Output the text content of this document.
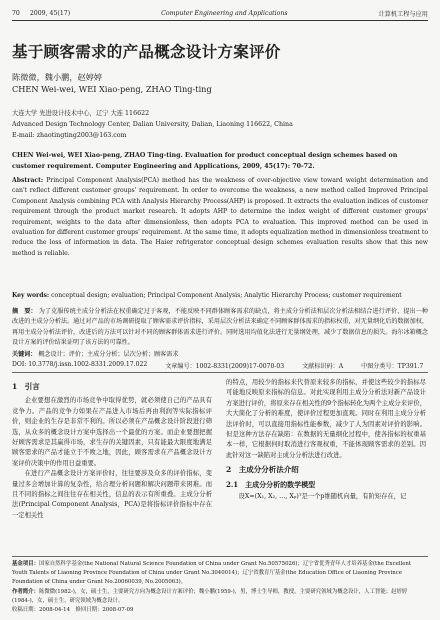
70 2009, 45(17)	Computer Engineering and Applications	计算机工程与应用
基于顾客需求的产品概念设计方案评价
陈微微，魏小鹏，赵婷婷
CHEN Wei-wei, WEI Xiao-peng, ZHAO Ting-ting
大连大学 先进设计技术中心，辽宁 大连 116622
Advanced Design Technology Center, Dalian University, Dalian, Liaoning 116622, China
E-mail: zhaotingting2003@163.com
CHEN Wei-wei, WEI Xiao-peng, ZHAO Ting-ting. Evaluation for product conceptual design schemes based on customer requirement. Computer Engineering and Applications, 2009, 45(17): 70-72.
Abstract: Principal Component Analysis(PCA) method has the weakness of over-objective view toward weight determination and can't reflect different customer groups' requirement. In order to overcome the weakness, a new method called Improved Principal Component Analysis combining PCA with Analysis Hierarchy Process(AHP) is proposed. It extracts the evaluation indices of customer requirement through the product market research. It adopts AHP to determine the index weight of different customer groups' requirement, weights to the data after dimensionless, then adopts PCA to evaluation. This improved method can be used in evaluation for different customer groups' requirement. At the same time, it adopts equalization method in dimensionless treatment to reduce the loss of information in data. The Haier refrigerator conceptual design schemes evaluation results show that this new method is reliable.
Key words: conceptual design; evaluation; Principal Component Analysis; Analytic Hierarchy Process; customer requirement
摘　要： 为了克服传统主成分分析法在权重确定过于客观，不能反映不同群体顾客需求的缺点，将主成分分析法和层次分析法相结合进行评价，提出一种改进的主成分分析法。通过对产品的市场调研提取了顾客需求评价指标，采用层次分析法来确定不同顾客群体需求的指标权重，对无量纲化后的数据加权，再用主成分分析法评价，改进后的方法可以针对不同的顾客群体需求进行评价。同时选用均值化法进行无量纲处理，减少了数据信息的损失。海尔冰箱概念设计方案的评价结果证明了该方法的可靠性。
关键词： 概念设计；评价；主成分分析；层次分析；顾客需求
DOI: 10.3778/j.issn.1002-8331.2009.17.022	文章编号：1002-8331(2009)17-0070-03	文献标识码：A	中图分类号：TP391.7
1　引言

企业要想在激烈的市场竞争中取得优势，就必须使自己的产品具有竞争力。产品的竞争力如果在产品进入市场后再由利润等实际指标评价，则企业的生存是非常不利的。所以必须在产品概念设计阶段进行筛选，从众多的概念设计方案中选择出一个最优的方案。而企业要想把握好顾客需求是其赢得市场，求生存的关键因素，只有能最大限度地满足顾客需求的产品才能立于不败之地，因此，顾客需求在产品概念设计方案评价决策中的作用日益重要。

在进行产品概念设计方案评价时，往往要涉及众多的评价指标，变量过多会增加计算的复杂性，给合理分析问题和解决问题带来困难。而且不同的指标之间往往存在相关性，信息的表示有所重叠。主成分分析法(Principal Component Analysis，PCA)是将指标评价指标中存在一定相关性

的特点，用较少的指标来代替原来较多的指标，并使这些较少的指标尽可能地反映原来指标的信息。对此实现利用主成分分析法对新产品设计方案进行评价，将原来存在相关性的9个指标转化为两个主成分来评价，大大简化了分析的难度，使评价过程更加直观。同时在利用主成分分析法评价时，可以直接用指标性能参数，减少了人为因素对评价的影响。但是这种方法存在缺陷：在数据的无量纲化过程中，使各指标的权重基本一样，它根据何时取消进行客观权重，不能体现顾客需求的差别。因此针对这一缺陷对主成分分析法进行改进。

2　主成分分析法介绍
2.1　主成分分析的数学模型

设X=(X₁, X₂, …, Xₚ)ᵀ是一个p维随机向量，有阶矩存在，记

基金项目：国家自然科学基金(the National Natural Science Foundation of China under Grant No.50575026)；辽宁省优秀青年人才培养基金(the Excellent Youth Talents of Liaoning Province Foundation of China under Grant No.3040014)；辽宁省教育厅基金(the Education Office of Liaoning Province Foundation of China under Grant No.20060039, No.2005063)。
作者简介：陈微微(1982-)，女，硕士生，主要研究方向为概念设计方案评价；魏小鹏(1959-)，男，博士生导师，教授，主要研究领域为概念设计，人工智能；赵婷婷(1984-)，女，硕士生，研究领域为概念设计。
收稿日期：2008-04-14　修回日期：2008-07-09
